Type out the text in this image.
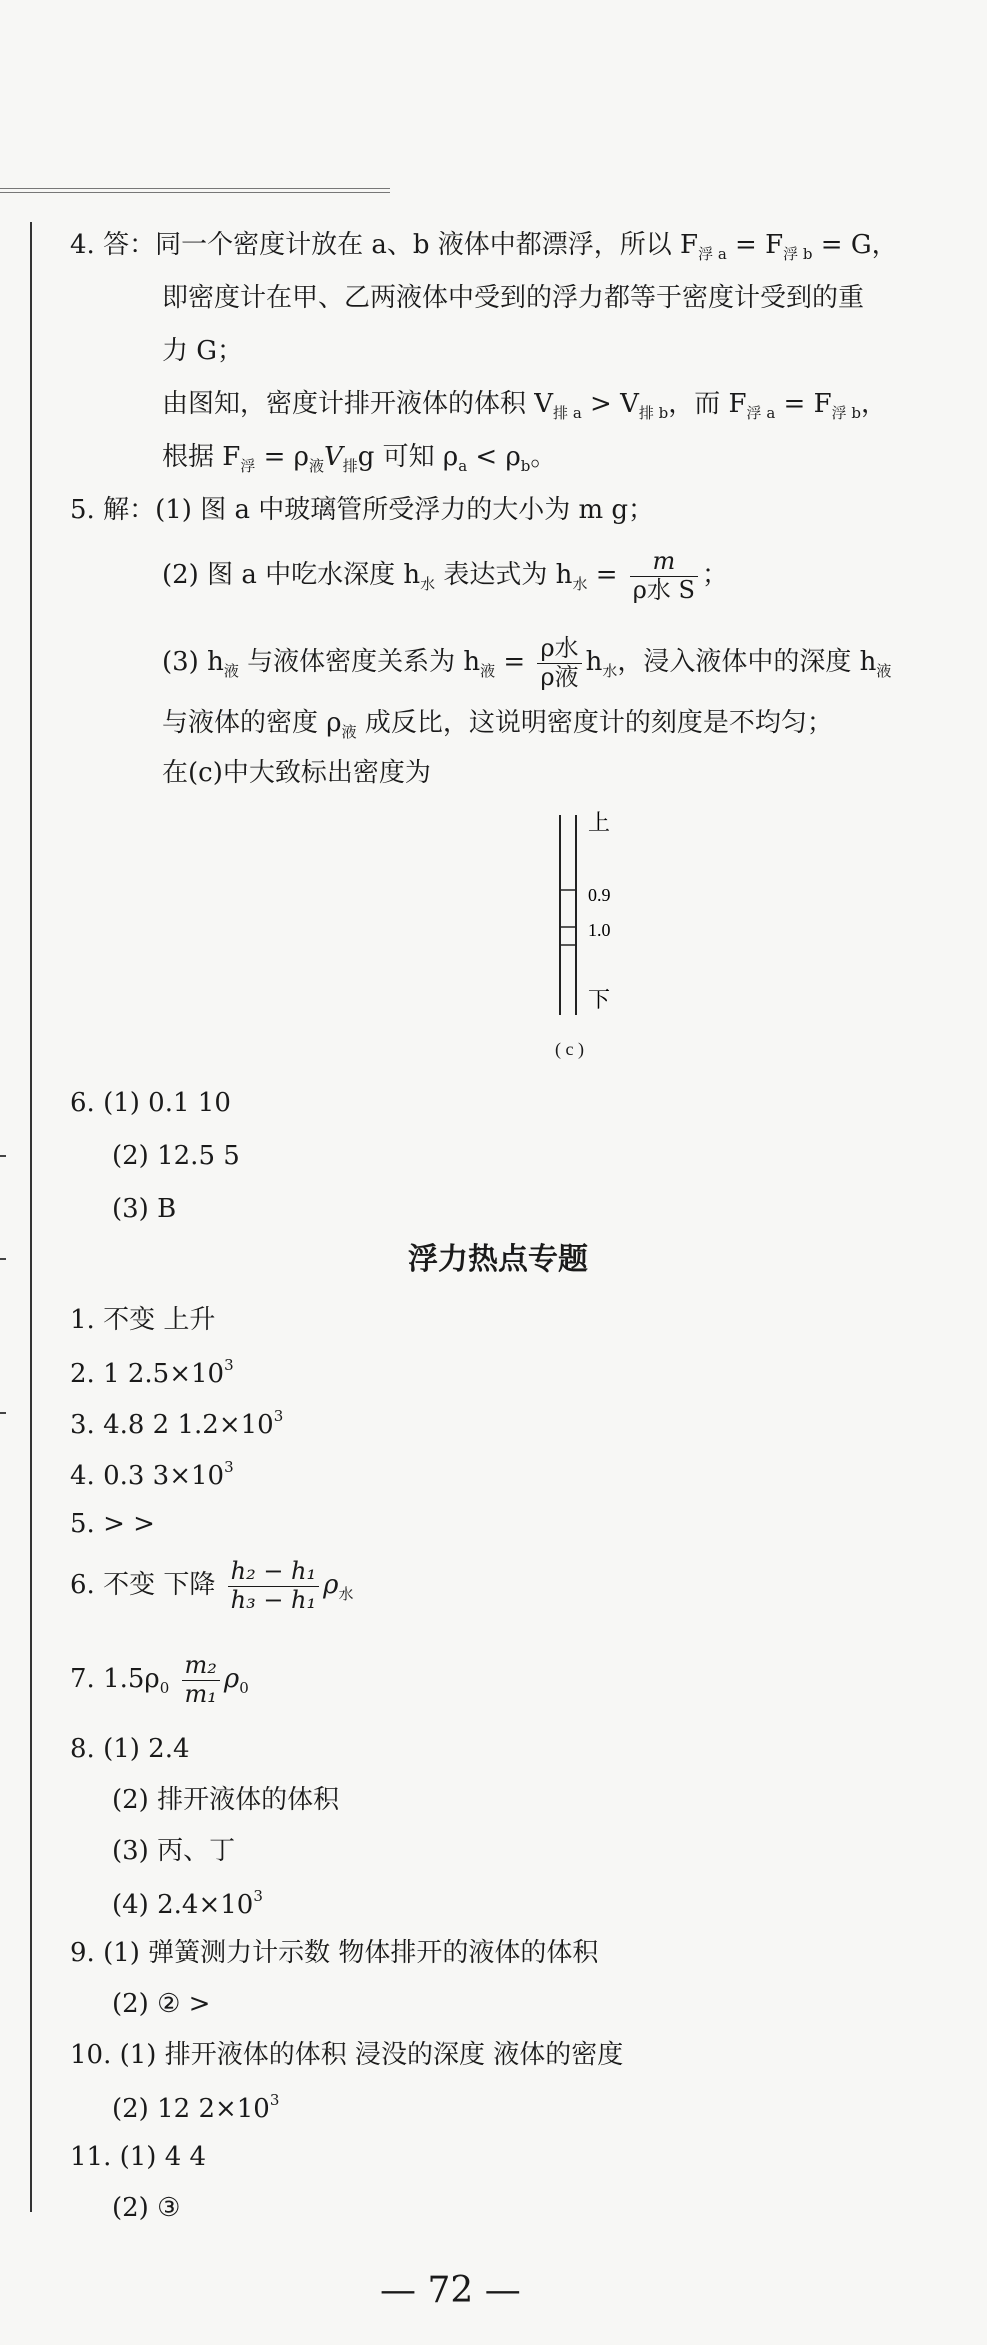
4. 答：同一个密度计放在 a、b 液体中都漂浮，所以 $F_{浮 a} = F_{浮 b} = G$，
即密度计在甲、乙两液体中受到的浮力都等于密度计受到的重
力 G；
由图知，密度计排开液体的体积 $V_{排 a} > V_{排 b}$，而 $F_{浮 a} = F_{浮 b}$，
根据 $F_浮 = \rho_液V_排g$ 可知 $\rho_a < \rho_b$。
5. 解：(1) 图 a 中玻璃管所受浮力的大小为 m g；
(2) 图 a 中吃水深度 $h_水$ 表达式为 $h_水 = \frac{m}{\text{ρ水 S}}$ ；
(3) $h_液$ 与液体密度关系为 $h_液 = \frac{\text{ρ水}}{\text{ρ液}} h_水$，浸入液体中的深度 $h_液$
与液体的密度 $\rho_液$ 成反比，这说明密度计的刻度是不均匀；
在(c)中大致标出密度为
上
0.9
1.0
下
( c )
6. (1) 0.1 10
(2) 12.5 5
(3) B
浮力热点专题
1. 不变 上升
2. 1 $2.5\times 10^3$
3. 4.8 2 $1.2\times 10^3$
4. 0.3 $3\times 10^3$
5. > >
6. 不变 下降 $\frac{\text{h₂ − h₁}}{\text{h₃ − h₁}} \rho_水$
7. $1.5\rho_0 \frac{\text{m₂}}{\text{m₁}} \rho_0$
8. (1) 2.4
(2) 排开液体的体积
(3) 丙、丁
(4) $2.4\times 10^3$
9. (1) 弹簧测力计示数 物体排开的液体的体积
(2) ② >
10. (1) 排开液体的体积 浸没的深度 液体的密度
(2) 12 $2\times 10^3$
11. (1) 4 4
(2) ③
— 72 —
